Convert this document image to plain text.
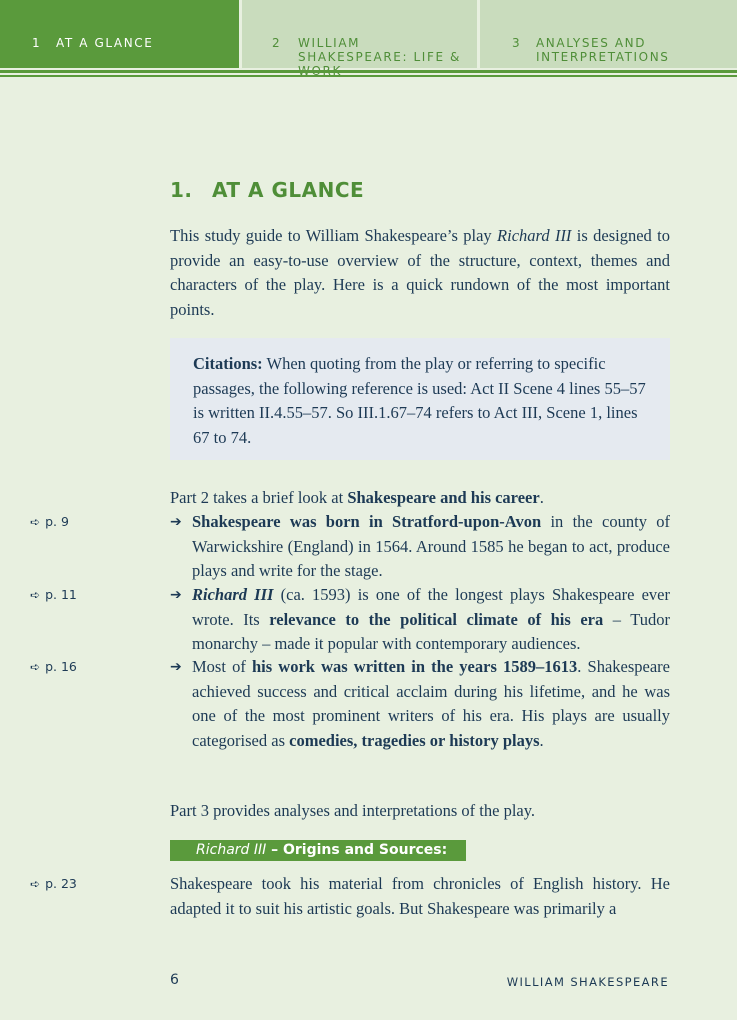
1 AT A GLANCE	2 WILLIAM SHAKESPEARE: LIFE &
3 ANALYSES AND INTERPRETATIONS
1. AT A GLANCE
This study guide to William Shakespeare’s play Richard III is designed to provide an easy-to-use overview of the structure, context, themes and characters of the play. Here is a quick rundown of the most important points.
Citations: When quoting from the play or referring to specific passages, the following reference is used: Act II Scene 4 lines 55–57 is written II.4.55–57. So III.1.67–74 refers to Act III, Scene 1, lines 67 to 74.
Part 2 takes a brief look at Shakespeare and his career.
➪ p. 9	➔ Shakespeare was born in Stratford-upon-Avon in the county of Warwickshire (England) in 1564. Around 1585 he began to act, produce plays and write for the stage.
➪ p. 11	➔ Richard III (ca. 1593) is one of the longest plays Shakespeare ever wrote. Its relevance to the political climate of his era – Tudor monarchy – made it popular with contemporary audiences.
➪ p. 16	➔ Most of his work was written in the years 1589–1613. Shakespeare achieved success and critical acclaim during his lifetime, and he was one of the most prominent writers of his era. His plays are usually categorised as comedies, tragedies or history plays.
Part 3 provides analyses and interpretations of the play.
Richard III – Origins and Sources:
➪ p. 23	Shakespeare took his material from chronicles of English history. He adapted it to suit his artistic goals. But Shakespeare was primarily a
6	WILLIAM SHAKESPEARE
